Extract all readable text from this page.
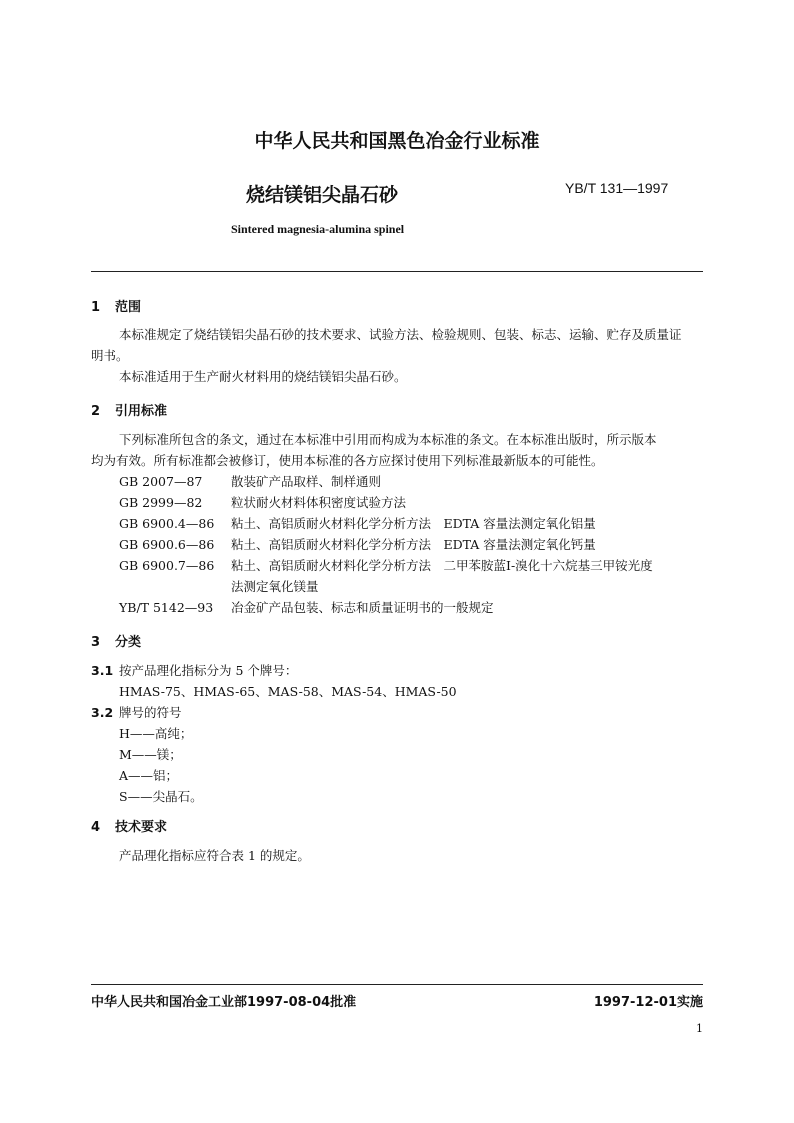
中华人民共和国黑色冶金行业标准
烧结镁铝尖晶石砂	YB/T 131—1997
Sintered magnesia-alumina spinel
1 范围
本标准规定了烧结镁铝尖晶石砂的技术要求、试验方法、检验规则、包装、标志、运输、贮存及质量证
明书。
本标准适用于生产耐火材料用的烧结镁铝尖晶石砂。
2 引用标准
下列标准所包含的条文，通过在本标准中引用而构成为本标准的条文。在本标准出版时，所示版本
均为有效。所有标准都会被修订，使用本标准的各方应探讨使用下列标准最新版本的可能性。
GB 2007—87 散装矿产品取样、制样通则
GB 2999—82 粒状耐火材料体积密度试验方法
GB 6900.4—86 粘土、高铝质耐火材料化学分析方法　EDTA 容量法测定氧化铝量
GB 6900.6—86 粘土、高铝质耐火材料化学分析方法　EDTA 容量法测定氧化钙量
GB 6900.7—86 粘土、高铝质耐火材料化学分析方法　二甲苯胺蓝Ⅰ-溴化十六烷基三甲铵光度
法测定氧化镁量
YB/T 5142—93 冶金矿产品包装、标志和质量证明书的一般规定
3 分类
3.1 按产品理化指标分为 5 个牌号：
HMAS-75、HMAS-65、MAS-58、MAS-54、HMAS-50
3.2 牌号的符号
H——高纯；
M——镁；
A——铝；
S——尖晶石。
4 技术要求
产品理化指标应符合表 1 的规定。
中华人民共和国冶金工业部1997-08-04批准	1997-12-01实施
1
